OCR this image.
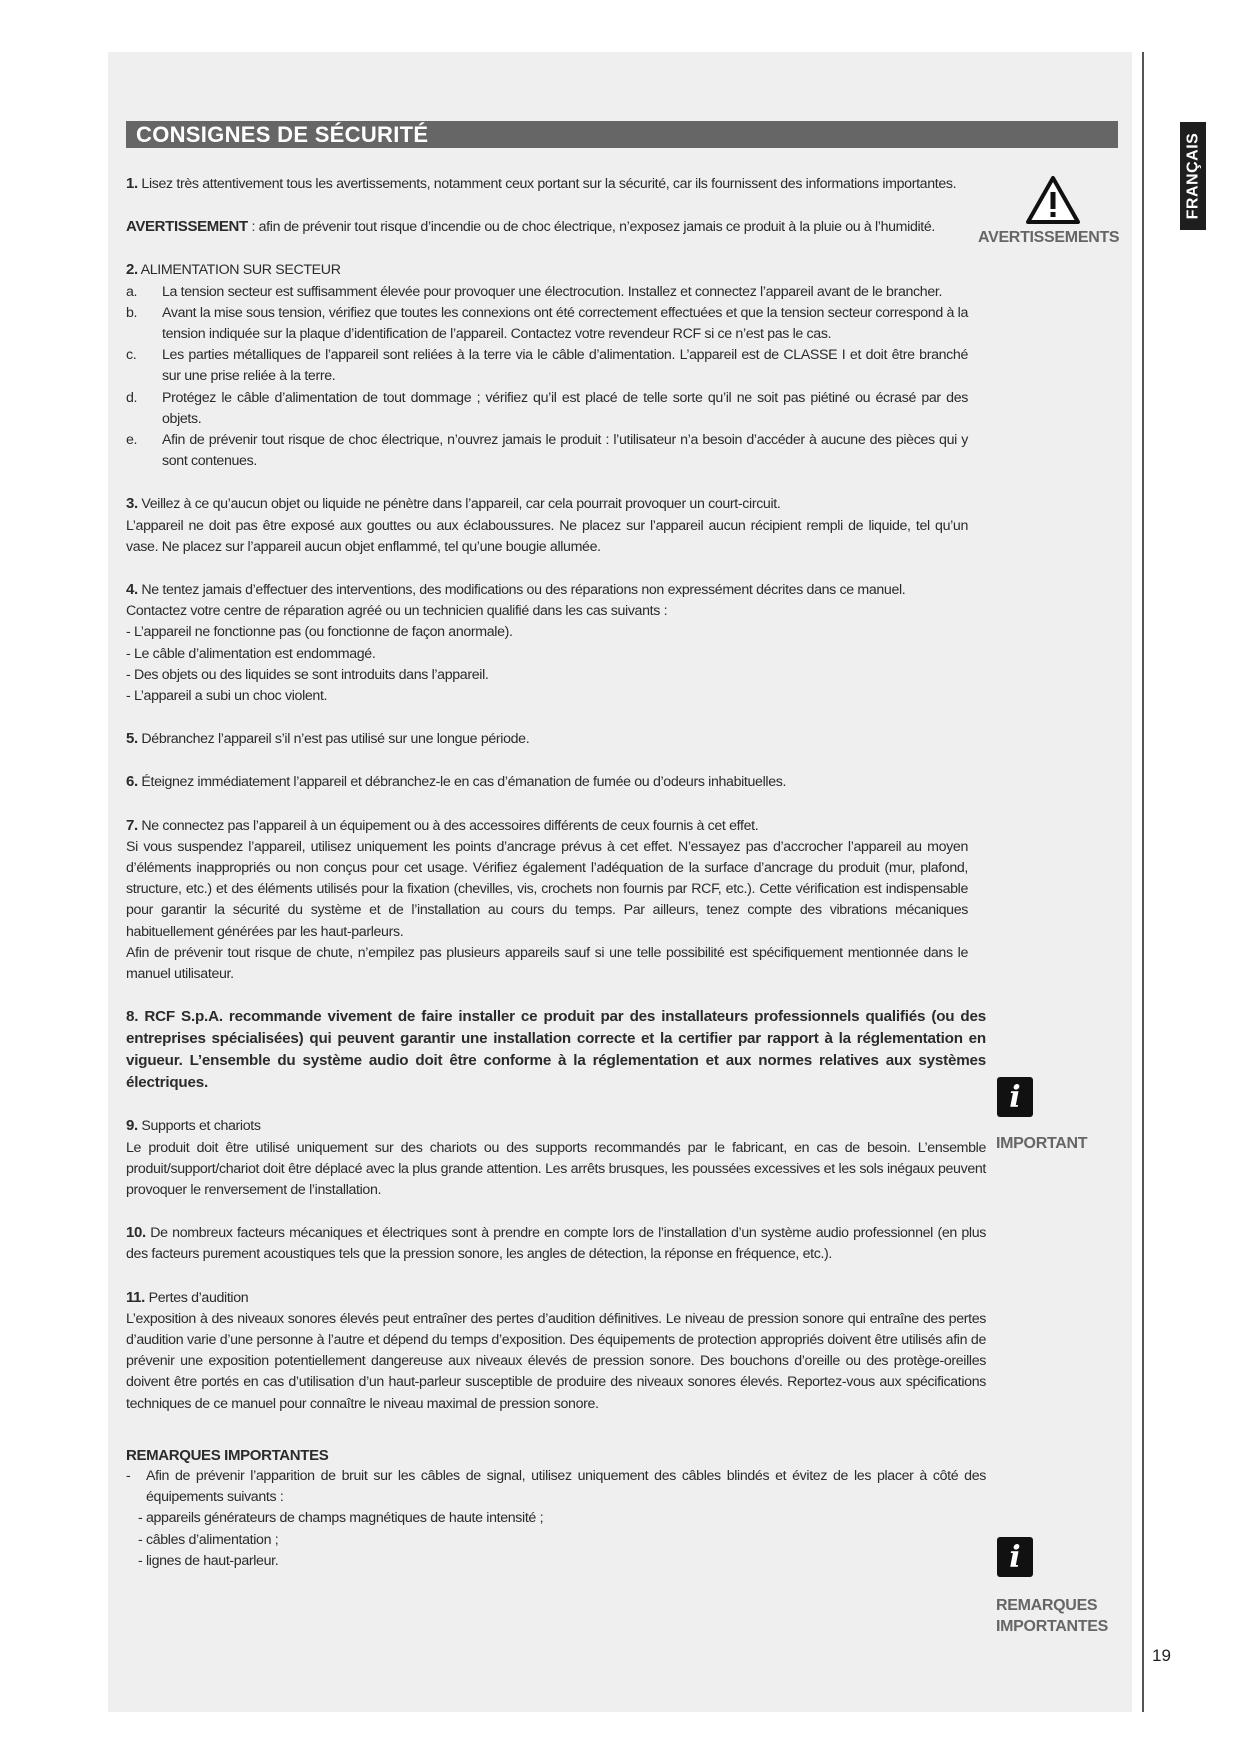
FRANÇAIS
CONSIGNES DE SÉCURITÉ
AVERTISSEMENTS
i
IMPORTANT
i
REMARQUES
IMPORTANTES
19

1. Lisez très attentivement tous les avertissements, notamment ceux portant sur la sécurité, car ils fournissent des informations importantes.

AVERTISSEMENT : afin de prévenir tout risque d’incendie ou de choc électrique, n’exposez jamais ce produit à la pluie ou à l’humidité.

2. ALIMENTATION SUR SECTEUR

a.	La tension secteur est suffisamment élevée pour provoquer une électrocution. Installez et connectez l’appareil avant de le brancher.
b.	Avant la mise sous tension, vérifiez que toutes les connexions ont été correctement effectuées et que la tension secteur correspond à la tension indiquée sur la plaque d’identification de l’appareil. Contactez votre revendeur RCF si ce n’est pas le cas.
c.	Les parties métalliques de l’appareil sont reliées à la terre via le câble d’alimentation. L’appareil est de CLASSE I et doit être branché sur une prise reliée à la terre.
d.	Protégez le câble d’alimentation de tout dommage ; vérifiez qu’il est placé de telle sorte qu’il ne soit pas piétiné ou écrasé par des objets.
e.	Afin de prévenir tout risque de choc électrique, n’ouvrez jamais le produit : l’utilisateur n’a besoin d’accéder à aucune des pièces qui y sont contenues.

3. Veillez à ce qu’aucun objet ou liquide ne pénètre dans l’appareil, car cela pourrait provoquer un court-circuit.

L’appareil ne doit pas être exposé aux gouttes ou aux éclaboussures. Ne placez sur l’appareil aucun récipient rempli de liquide, tel qu’un vase. Ne placez sur l’appareil aucun objet enflammé, tel qu’une bougie allumée.

4. Ne tentez jamais d’effectuer des interventions, des modifications ou des réparations non expressément décrites dans ce manuel.

Contactez votre centre de réparation agréé ou un technicien qualifié dans les cas suivants :

- L’appareil ne fonctionne pas (ou fonctionne de façon anormale).

- Le câble d’alimentation est endommagé.

- Des objets ou des liquides se sont introduits dans l’appareil.

- L’appareil a subi un choc violent.

5. Débranchez l’appareil s’il n’est pas utilisé sur une longue période.

6. Éteignez immédiatement l’appareil et débranchez-le en cas d’émanation de fumée ou d’odeurs inhabituelles.

7. Ne connectez pas l’appareil à un équipement ou à des accessoires différents de ceux fournis à cet effet.

Si vous suspendez l’appareil, utilisez uniquement les points d’ancrage prévus à cet effet. N’essayez pas d’accrocher l’appareil au moyen d’éléments inappropriés ou non conçus pour cet usage. Vérifiez également l’adéquation de la surface d’ancrage du produit (mur, plafond, structure, etc.) et des éléments utilisés pour la fixation (chevilles, vis, crochets non fournis par RCF, etc.). Cette vérification est indispensable pour garantir la sécurité du système et de l’installation au cours du temps. Par ailleurs, tenez compte des vibrations mécaniques habituellement générées par les haut-parleurs.

Afin de prévenir tout risque de chute, n’empilez pas plusieurs appareils sauf si une telle possibilité est spécifiquement mentionnée dans le manuel utilisateur.

8. RCF S.p.A. recommande vivement de faire installer ce produit par des installateurs professionnels qualifiés (ou des entreprises spécialisées) qui peuvent garantir une installation correcte et la certifier par rapport à la réglementation en vigueur. L’ensemble du système audio doit être conforme à la réglementation et aux normes relatives aux systèmes électriques.

9. Supports et chariots

Le produit doit être utilisé uniquement sur des chariots ou des supports recommandés par le fabricant, en cas de besoin. L’ensemble produit/support/chariot doit être déplacé avec la plus grande attention. Les arrêts brusques, les poussées excessives et les sols inégaux peuvent provoquer le renversement de l’installation.

10. De nombreux facteurs mécaniques et électriques sont à prendre en compte lors de l’installation d’un système audio professionnel (en plus des facteurs purement acoustiques tels que la pression sonore, les angles de détection, la réponse en fréquence, etc.).

11. Pertes d’audition

L’exposition à des niveaux sonores élevés peut entraîner des pertes d’audition définitives. Le niveau de pression sonore qui entraîne des pertes d’audition varie d’une personne à l’autre et dépend du temps d’exposition. Des équipements de protection appropriés doivent être utilisés afin de prévenir une exposition potentiellement dangereuse aux niveaux élevés de pression sonore. Des bouchons d’oreille ou des protège-oreilles doivent être portés en cas d’utilisation d’un haut-parleur susceptible de produire des niveaux sonores élevés. Reportez-vous aux spécifications techniques de ce manuel pour connaître le niveau maximal de pression sonore.

REMARQUES IMPORTANTES

-	Afin de prévenir l’apparition de bruit sur les câbles de signal, utilisez uniquement des câbles blindés et évitez de les placer à côté des équipements suivants :

- appareils générateurs de champs magnétiques de haute intensité ;

- câbles d’alimentation ;

- lignes de haut-parleur.
